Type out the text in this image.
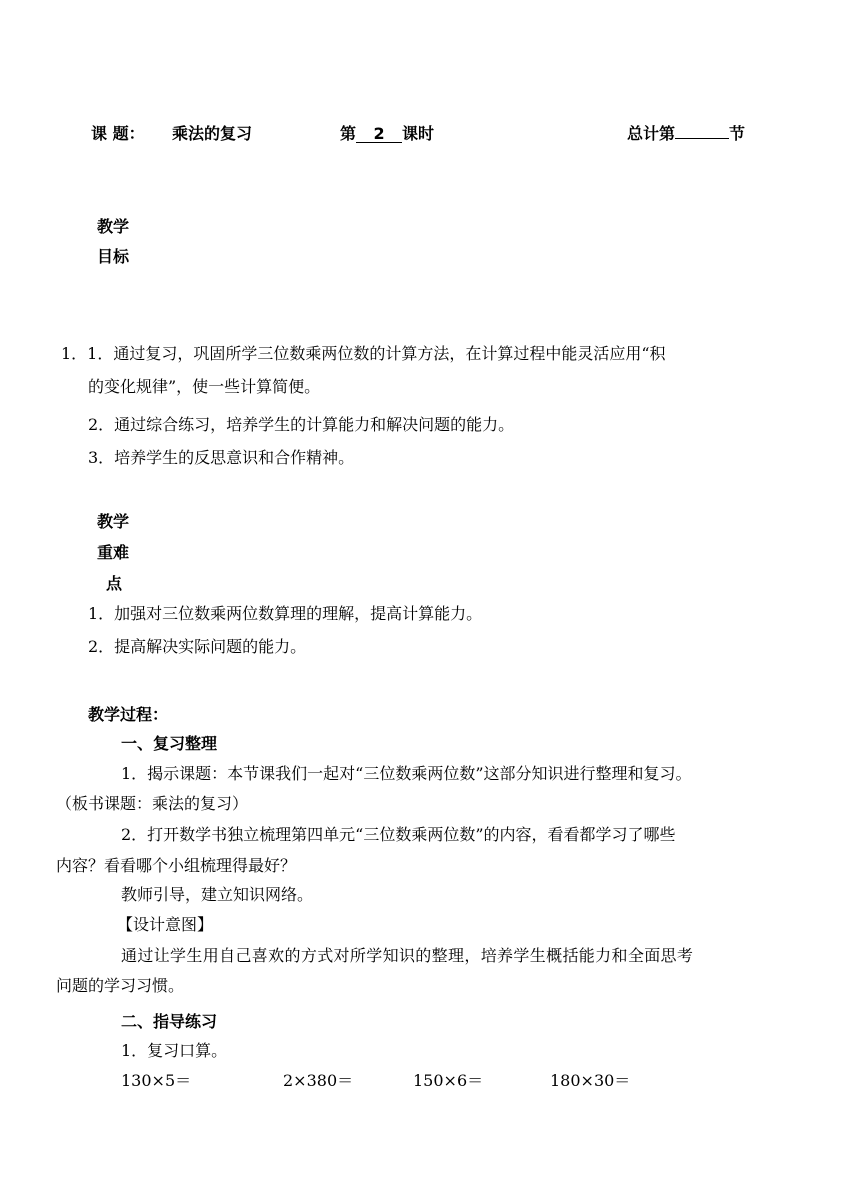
课 题： 乘法的复习	第 2 课时	总计第	节
教学
目标
1．1．通过复习，巩固所学三位数乘两位数的计算方法，在计算过程中能灵活应用“积
的变化规律”，使一些计算简便。
2．通过综合练习，培养学生的计算能力和解决问题的能力。
3．培养学生的反思意识和合作精神。
教学
重难
点
1．加强对三位数乘两位数算理的理解，提高计算能力。
2．提高解决实际问题的能力。
教学过程：
一、复习整理
1．揭示课题：本节课我们一起对“三位数乘两位数”这部分知识进行整理和复习。
（板书课题：乘法的复习）
2．打开数学书独立梳理第四单元“三位数乘两位数”的内容，看看都学习了哪些
内容？看看哪个小组梳理得最好？
教师引导，建立知识网络。
【设计意图】
通过让学生用自己喜欢的方式对所学知识的整理，培养学生概括能力和全面思考
问题的学习习惯。
二、指导练习
1．复习口算。
130×5＝	2×380＝	150×6＝	180×30＝
